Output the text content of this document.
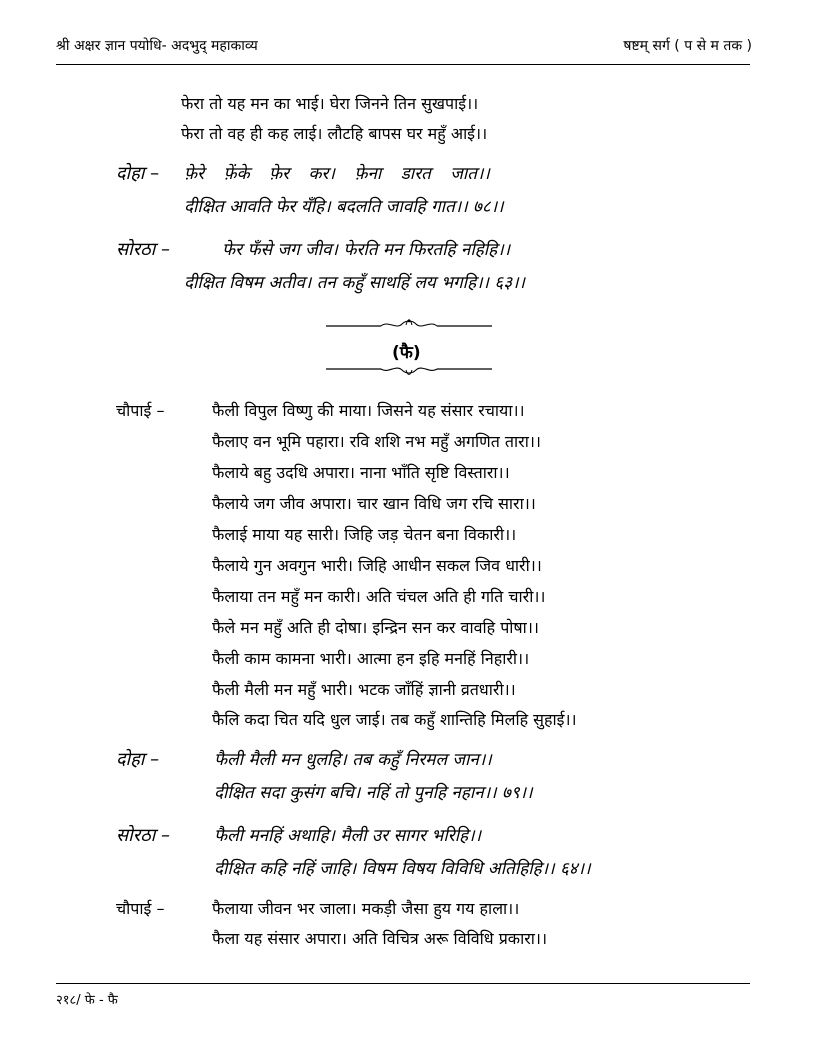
श्री अक्षर ज्ञान पयोधि- अदभुद् महाकाव्य	षष्टम् सर्ग ( प से म तक )
फेरा तो यह मन का भाई। घेरा जिनने तिन सुखपाई।।
फेरा तो वह ही कह लाई। लौटहि बापस घर महुँ आई।।
दोहा – फ़ेरे फ़ेंके फ़ेर कर। फ़ेना डारत जात।।
दीक्षित आवति फेर यँहि। बदलति जावहि गात।। ७८।।
सोरठा –	फेर फँसे जग जीव। फेरति मन फिरतहि नहिहि।।
दीक्षित विषम अतीव। तन कहुँ साथहिं लय भगहि।। ६३।।
(फै)
चौपाई –	फैली विपुल विष्णु की माया। जिसने यह संसार रचाया।।
फैलाए वन भूमि पहारा। रवि शशि नभ महुँ अगणित तारा।।
फैलाये बहु उदधि अपारा। नाना भाँति सृष्टि विस्तारा।।
फैलाये जग जीव अपारा। चार खान विधि जग रचि सारा।।
फैलाई माया यह सारी। जिहि जड़ चेतन बना विकारी।।
फैलाये गुन अवगुन भारी। जिहि आधीन सकल जिव धारी।।
फैलाया तन महुँ मन कारी। अति चंचल अति ही गति चारी।।
फैले मन महुँ अति ही दोषा। इन्द्रिन सन कर वावहि पोषा।।
फैली काम कामना भारी। आत्मा हन इहि मनहिं निहारी।।
फैली मैली मन महुँ भारी। भटक जाँहिं ज्ञानी व्रतधारी।।
फैलि कदा चित यदि धुल जाई। तब कहुँ शान्तिहि मिलहि सुहाई।।
दोहा –	फैली मैली मन धुलहि। तब कहुँ निरमल जान।।
दीक्षित सदा कुसंग बचि। नहिं तो पुनहि नहान।। ७९।।
सोरठा –	फैली मनहिं अथाहि। मैली उर सागर भरिहि।।
दीक्षित कहि नहिं जाहि। विषम विषय विविधि अतिहिहि।। ६४।।
चौपाई –	फैलाया जीवन भर जाला। मकड़ी जैसा हुय गय हाला।।
फैला यह संसार अपारा। अति विचित्र अरू विविधि प्रकारा।।
२१८/ फे - फै
